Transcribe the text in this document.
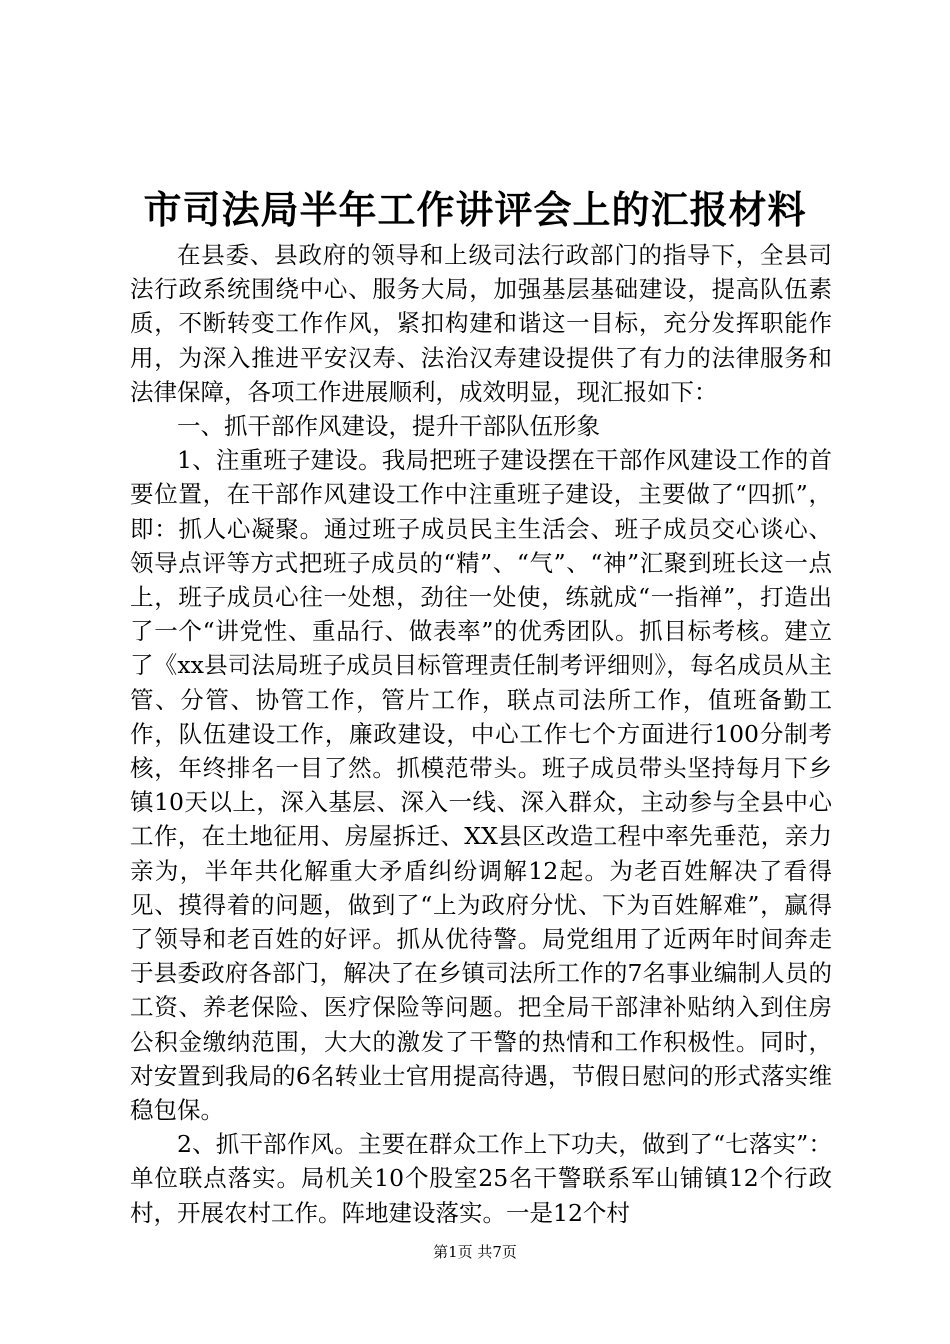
市司法局半年工作讲评会上的汇报材料

在县委、县政府的领导和上级司法行政部门的指导下，全县司法行政系统围绕中心、服务大局，加强基层基础建设，提高队伍素质，不断转变工作作风，紧扣构建和谐这一目标，充分发挥职能作用，为深入推进平安汉寿、法治汉寿建设提供了有力的法律服务和法律保障，各项工作进展顺利，成效明显，现汇报如下：

一、抓干部作风建设，提升干部队伍形象

1、注重班子建设。我局把班子建设摆在干部作风建设工作的首要位置，在干部作风建设工作中注重班子建设，主要做了“四抓”，即：抓人心凝聚。通过班子成员民主生活会、班子成员交心谈心、领导点评等方式把班子成员的“精”、“气”、“神”汇聚到班长这一点上，班子成员心往一处想，劲往一处使，练就成“一指禅”，打造出了一个“讲党性、重品行、做表率”的优秀团队。抓目标考核。建立了《xx县司法局班子成员目标管理责任制考评细则》，每名成员从主管、分管、协管工作，管片工作，联点司法所工作，值班备勤工作，队伍建设工作，廉政建设，中心工作七个方面进行100分制考核，年终排名一目了然。抓模范带头。班子成员带头坚持每月下乡镇10天以上，深入基层、深入一线、深入群众，主动参与全县中心工作，在土地征用、房屋拆迁、XX县区改造工程中率先垂范，亲力亲为，半年共化解重大矛盾纠纷调解12起。为老百姓解决了看得见、摸得着的问题，做到了“上为政府分忧、下为百姓解难”，赢得了领导和老百姓的好评。抓从优待警。局党组用了近两年时间奔走于县委政府各部门，解决了在乡镇司法所工作的7名事业编制人员的工资、养老保险、医疗保险等问题。把全局干部津补贴纳入到住房公积金缴纳范围，大大的激发了干警的热情和工作积极性。同时，对安置到我局的6名转业士官用提高待遇，节假日慰问的形式落实维稳包保。

2、抓干部作风。主要在群众工作上下功夫，做到了“七落实”：单位联点落实。局机关10个股室25名干警联系军山铺镇12个行政村，开展农村工作。阵地建设落实。一是12个村

第1页 共7页
